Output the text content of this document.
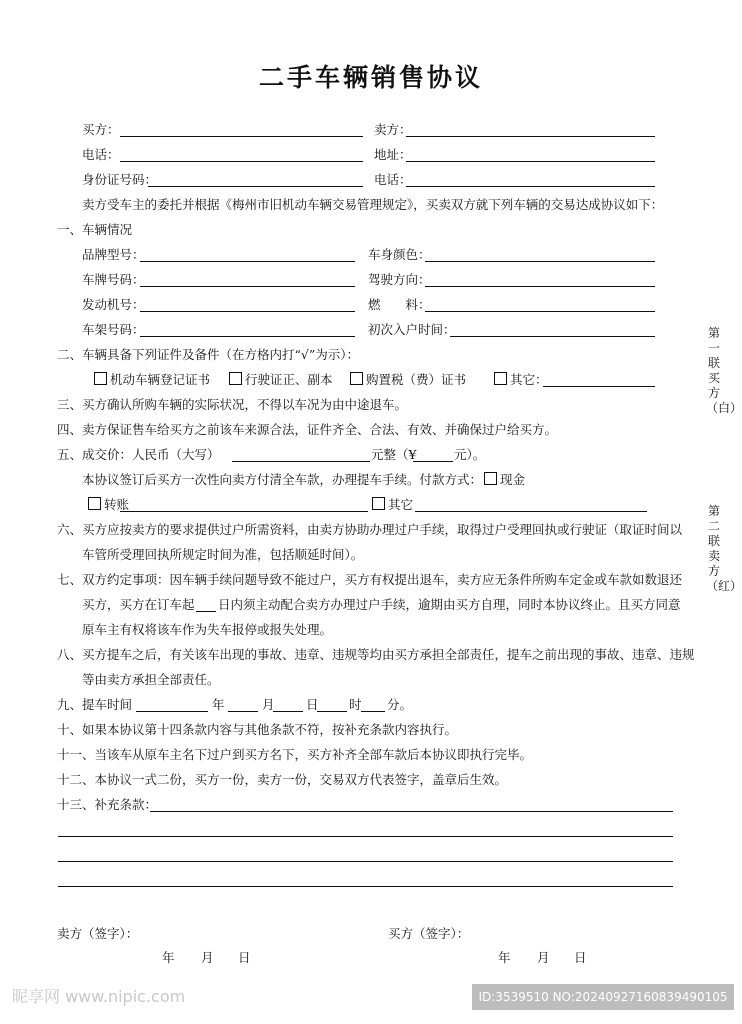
二手车辆销售协议
买方：	卖方：
电话：	地址：
身份证号码：	电话：
卖方受车主的委托并根据《梅州市旧机动车辆交易管理规定》，买卖双方就下列车辆的交易达成协议如下：
一、车辆情况
品牌型号：	车身颜色：
车牌号码：	驾驶方向：
发动机号：	燃　　料：
车架号码：	初次入户时间：
二、车辆具备下列证件及备件（在方格内打“√”为示）：
机动车辆登记证书	行驶证正、副本	购置税（费）证书	其它：
三、买方确认所购车辆的实际状况，不得以车况为由中途退车。
四、卖方保证售车给买方之前该车来源合法，证件齐全、合法、有效、并确保过户给买方。
五、成交价：人民币（大写）	元整（¥	元）。
本协议签订后买方一次性向卖方付清全车款，办理提车手续。付款方式：	现金
转账	其它
六、买方应按卖方的要求提供过户所需资料，由卖方协助办理过户手续，取得过户受理回执或行驶证（取证时间以
车管所受理回执所规定时间为准，包括顺延时间）。
七、双方约定事项：因车辆手续问题导致不能过户，买方有权提出退车，卖方应无条件所购车定金或车款如数退还
买方，买方在订车起 日内须主动配合卖方办理过户手续，逾期由买方自理，同时本协议终止。且买方同意
原车主有权将该车作为失车报停或报失处理。
八、买方提车之后，有关该车出现的事故、违章、违规等均由买方承担全部责任，提车之前出现的事故、违章、违规
等由卖方承担全部责任。
九、提车时间	年	月	日 时 分。
十、如果本协议第十四条款内容与其他条款不符，按补充条款内容执行。
十一、当该车从原车主名下过户到买方名下，买方补齐全部车款后本协议即执行完毕。
十二、本协议一式二份，买方一份，卖方一份，交易双方代表签字，盖章后生效。
十三、补充条款：
卖方（签字）：	买方（签字）：
年 月 日	年 月 日
第一联买方（白）
第二联卖方（红）
昵享网 www.nipic.com	ID:3539510 NO:20240927160839490105
